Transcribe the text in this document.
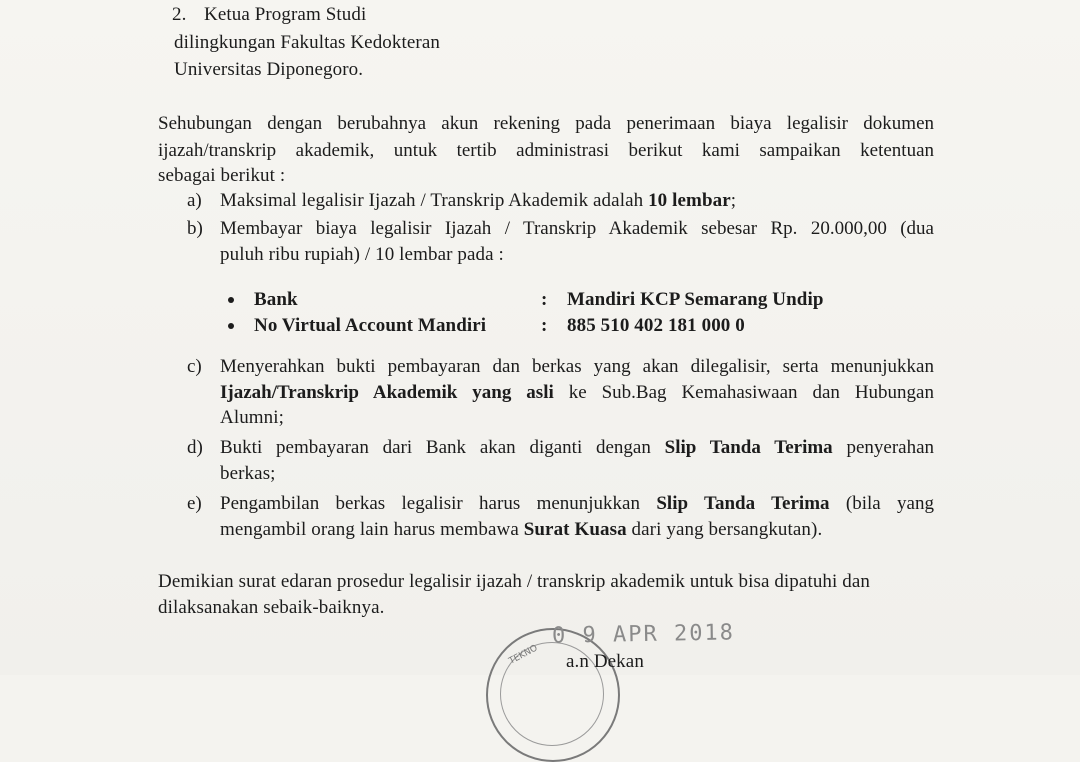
2. Ketua Program Studi
dilingkungan Fakultas Kedokteran
Universitas Diponegoro.
Sehubungan dengan berubahnya akun rekening pada penerimaan biaya legalisir dokumen
ijazah/transkrip akademik, untuk tertib administrasi berikut kami sampaikan ketentuan
sebagai berikut :
a) Maksimal legalisir Ijazah / Transkrip Akademik adalah 10 lembar;
b) Membayar biaya legalisir Ijazah / Transkrip Akademik sebesar Rp. 20.000,00 (dua
puluh ribu rupiah) / 10 lembar pada :
Bank	: Mandiri KCP Semarang Undip
No Virtual Account Mandiri	: 885 510 402 181 000 0
c) Menyerahkan bukti pembayaran dan berkas yang akan dilegalisir, serta menunjukkan
Ijazah/Transkrip Akademik yang asli ke Sub.Bag Kemahasiwaan dan Hubungan
Alumni;
d) Bukti pembayaran dari Bank akan diganti dengan Slip Tanda Terima penyerahan
berkas;
e) Pengambilan berkas legalisir harus menunjukkan Slip Tanda Terima (bila yang
mengambil orang lain harus membawa Surat Kuasa dari yang bersangkutan).
Demikian surat edaran prosedur legalisir ijazah / transkrip akademik untuk bisa dipatuhi dan
dilaksanakan sebaik-baiknya.
TEKNO
0 9 APR 2018
a.n Dekan
